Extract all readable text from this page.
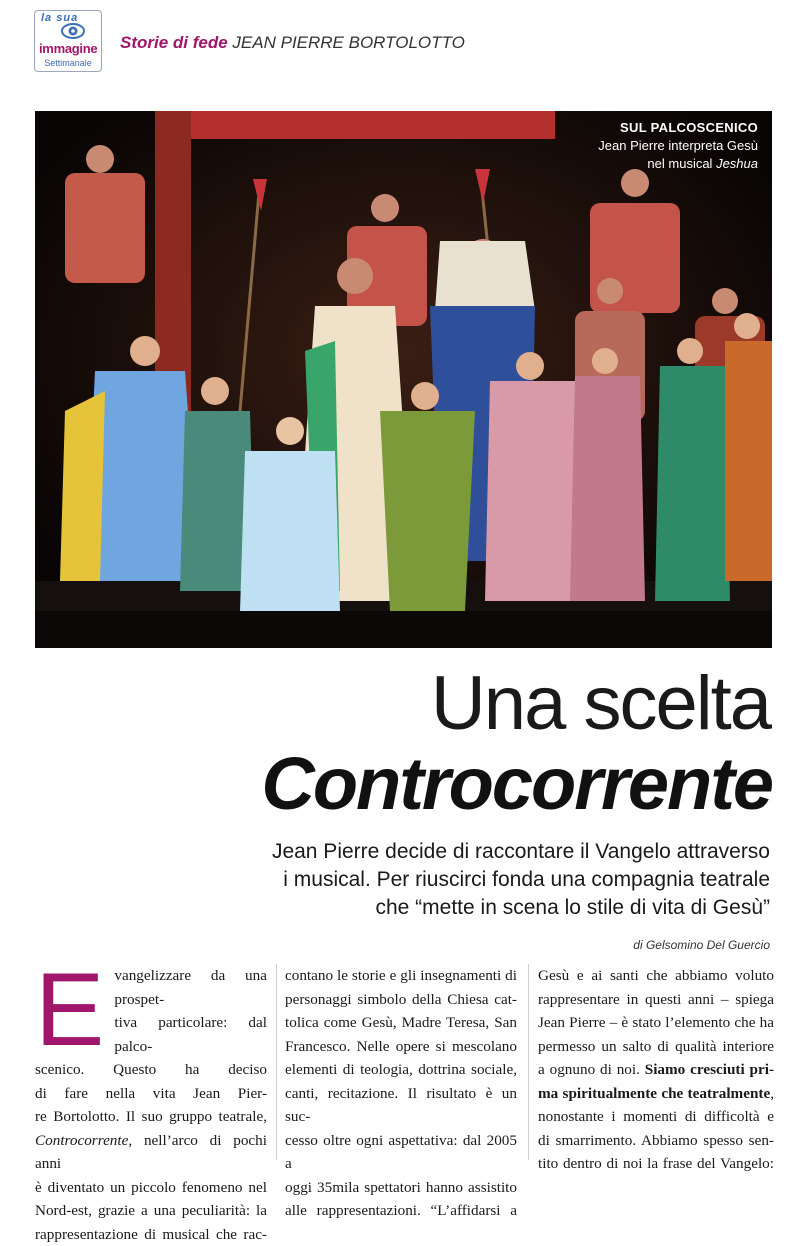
la sua
immagine
Settimanale
Storie di fede JEAN PIERRE BORTOLOTTO
SUL PALCOSCENICO
Jean Pierre interpreta Gesù
nel musical Jeshua
Una scelta
Controcorrente
Jean Pierre decide di raccontare il Vangelo attraverso
i musical. Per riuscirci fonda una compagnia teatrale
che “mette in scena lo stile di vita di Gesù”
di Gelsomino Del Guercio
E vangelizzare da una prospet-
tiva particolare: dal palco-
scenico. Questo ha deciso
di fare nella vita Jean Pier-
re Bortolotto. Il suo gruppo teatrale,
Controcorrente, nell’arco di pochi anni
è diventato un piccolo fenomeno nel
Nord-est, grazie a una peculiarità: la
rappresentazione di musical che rac-
contano le storie e gli insegnamenti di
personaggi simbolo della Chiesa cat-
tolica come Gesù, Madre Teresa, San
Francesco. Nelle opere si mescolano
elementi di teologia, dottrina sociale,
canti, recitazione. Il risultato è un suc-
cesso oltre ogni aspettativa: dal 2005 a
oggi 35mila spettatori hanno assistito
alle rappresentazioni. “L’affidarsi a
Gesù e ai santi che abbiamo voluto
rappresentare in questi anni – spiega
Jean Pierre – è stato l’elemento che ha
permesso un salto di qualità interiore
a ognuno di noi. Siamo cresciuti pri-
ma spiritualmente che teatralmente,
nonostante i momenti di difficoltà e
di smarrimento. Abbiamo spesso sen-
tito dentro di noi la frase del Vangelo:
